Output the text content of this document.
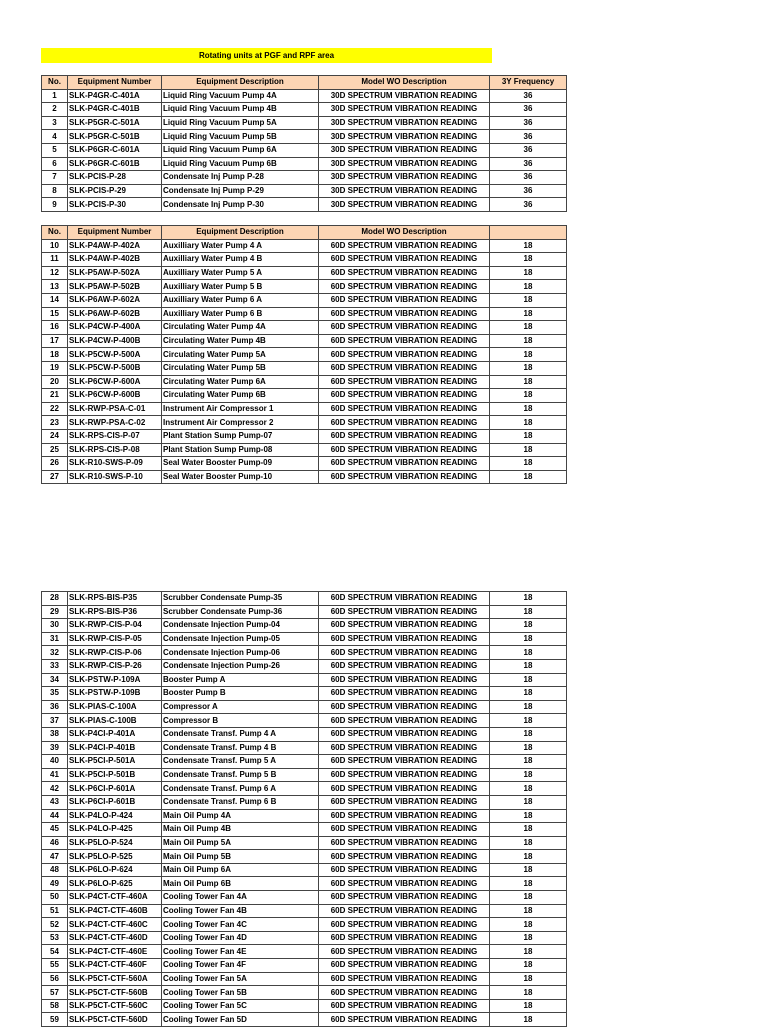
Rotating units at PGF and RPF area
No.	Equipment Number	Equipment Description	Model WO Description	3Y Frequency
1	SLK-P4GR-C-401A	Liquid Ring Vacuum Pump 4A	30D SPECTRUM VIBRATION READING	36
2	SLK-P4GR-C-401B	Liquid Ring Vacuum Pump 4B	30D SPECTRUM VIBRATION READING	36
3	SLK-P5GR-C-501A	Liquid Ring Vacuum Pump 5A	30D SPECTRUM VIBRATION READING	36
4	SLK-P5GR-C-501B	Liquid Ring Vacuum Pump 5B	30D SPECTRUM VIBRATION READING	36
5	SLK-P6GR-C-601A	Liquid Ring Vacuum Pump 6A	30D SPECTRUM VIBRATION READING	36
6	SLK-P6GR-C-601B	Liquid Ring Vacuum Pump 6B	30D SPECTRUM VIBRATION READING	36
7	SLK-PCIS-P-28	Condensate Inj Pump P-28	30D SPECTRUM VIBRATION READING	36
8	SLK-PCIS-P-29	Condensate Inj Pump P-29	30D SPECTRUM VIBRATION READING	36
9	SLK-PCIS-P-30	Condensate Inj Pump P-30	30D SPECTRUM VIBRATION READING	36
No.	Equipment Number	Equipment Description	Model WO Description	
10	SLK-P4AW-P-402A	Auxilliary Water Pump 4 A	60D SPECTRUM VIBRATION READING	18
11	SLK-P4AW-P-402B	Auxilliary Water Pump 4 B	60D SPECTRUM VIBRATION READING	18
12	SLK-P5AW-P-502A	Auxilliary Water Pump 5 A	60D SPECTRUM VIBRATION READING	18
13	SLK-P5AW-P-502B	Auxilliary Water Pump 5 B	60D SPECTRUM VIBRATION READING	18
14	SLK-P6AW-P-602A	Auxilliary Water Pump 6 A	60D SPECTRUM VIBRATION READING	18
15	SLK-P6AW-P-602B	Auxilliary Water Pump 6 B	60D SPECTRUM VIBRATION READING	18
16	SLK-P4CW-P-400A	Circulating Water Pump 4A	60D SPECTRUM VIBRATION READING	18
17	SLK-P4CW-P-400B	Circulating Water Pump 4B	60D SPECTRUM VIBRATION READING	18
18	SLK-P5CW-P-500A	Circulating Water Pump 5A	60D SPECTRUM VIBRATION READING	18
19	SLK-P5CW-P-500B	Circulating Water Pump 5B	60D SPECTRUM VIBRATION READING	18
20	SLK-P6CW-P-600A	Circulating Water Pump 6A	60D SPECTRUM VIBRATION READING	18
21	SLK-P6CW-P-600B	Circulating Water Pump 6B	60D SPECTRUM VIBRATION READING	18
22	SLK-RWP-PSA-C-01	Instrument Air Compressor 1	60D SPECTRUM VIBRATION READING	18
23	SLK-RWP-PSA-C-02	Instrument Air Compressor 2	60D SPECTRUM VIBRATION READING	18
24	SLK-RPS-CIS-P-07	Plant Station Sump Pump-07	60D SPECTRUM VIBRATION READING	18
25	SLK-RPS-CIS-P-08	Plant Station Sump Pump-08	60D SPECTRUM VIBRATION READING	18
26	SLK-R10-SWS-P-09	Seal Water Booster Pump-09	60D SPECTRUM VIBRATION READING	18
27	SLK-R10-SWS-P-10	Seal Water Booster Pump-10	60D SPECTRUM VIBRATION READING	18
28	SLK-RPS-BIS-P35	Scrubber Condensate Pump-35	60D SPECTRUM VIBRATION READING	18
29	SLK-RPS-BIS-P36	Scrubber Condensate Pump-36	60D SPECTRUM VIBRATION READING	18
30	SLK-RWP-CIS-P-04	Condensate Injection Pump-04	60D SPECTRUM VIBRATION READING	18
31	SLK-RWP-CIS-P-05	Condensate Injection Pump-05	60D SPECTRUM VIBRATION READING	18
32	SLK-RWP-CIS-P-06	Condensate Injection Pump-06	60D SPECTRUM VIBRATION READING	18
33	SLK-RWP-CIS-P-26	Condensate Injection Pump-26	60D SPECTRUM VIBRATION READING	18
34	SLK-PSTW-P-109A	Booster Pump A	60D SPECTRUM VIBRATION READING	18
35	SLK-PSTW-P-109B	Booster Pump B	60D SPECTRUM VIBRATION READING	18
36	SLK-PIAS-C-100A	Compressor A	60D SPECTRUM VIBRATION READING	18
37	SLK-PIAS-C-100B	Compressor B	60D SPECTRUM VIBRATION READING	18
38	SLK-P4CI-P-401A	Condensate Transf. Pump 4 A	60D SPECTRUM VIBRATION READING	18
39	SLK-P4CI-P-401B	Condensate Transf. Pump 4 B	60D SPECTRUM VIBRATION READING	18
40	SLK-P5CI-P-501A	Condensate Transf. Pump 5 A	60D SPECTRUM VIBRATION READING	18
41	SLK-P5CI-P-501B	Condensate Transf. Pump 5 B	60D SPECTRUM VIBRATION READING	18
42	SLK-P6CI-P-601A	Condensate Transf. Pump 6 A	60D SPECTRUM VIBRATION READING	18
43	SLK-P6CI-P-601B	Condensate Transf. Pump 6 B	60D SPECTRUM VIBRATION READING	18
44	SLK-P4LO-P-424	Main Oil Pump 4A	60D SPECTRUM VIBRATION READING	18
45	SLK-P4LO-P-425	Main Oil Pump 4B	60D SPECTRUM VIBRATION READING	18
46	SLK-P5LO-P-524	Main Oil Pump 5A	60D SPECTRUM VIBRATION READING	18
47	SLK-P5LO-P-525	Main Oil Pump 5B	60D SPECTRUM VIBRATION READING	18
48	SLK-P6LO-P-624	Main Oil Pump 6A	60D SPECTRUM VIBRATION READING	18
49	SLK-P6LO-P-625	Main Oil Pump 6B	60D SPECTRUM VIBRATION READING	18
50	SLK-P4CT-CTF-460A	Cooling Tower Fan 4A	60D SPECTRUM VIBRATION READING	18
51	SLK-P4CT-CTF-460B	Cooling Tower Fan 4B	60D SPECTRUM VIBRATION READING	18
52	SLK-P4CT-CTF-460C	Cooling Tower Fan 4C	60D SPECTRUM VIBRATION READING	18
53	SLK-P4CT-CTF-460D	Cooling Tower Fan 4D	60D SPECTRUM VIBRATION READING	18
54	SLK-P4CT-CTF-460E	Cooling Tower Fan 4E	60D SPECTRUM VIBRATION READING	18
55	SLK-P4CT-CTF-460F	Cooling Tower Fan 4F	60D SPECTRUM VIBRATION READING	18
56	SLK-P5CT-CTF-560A	Cooling Tower Fan 5A	60D SPECTRUM VIBRATION READING	18
57	SLK-P5CT-CTF-560B	Cooling Tower Fan 5B	60D SPECTRUM VIBRATION READING	18
58	SLK-P5CT-CTF-560C	Cooling Tower Fan 5C	60D SPECTRUM VIBRATION READING	18
59	SLK-P5CT-CTF-560D	Cooling Tower Fan 5D	60D SPECTRUM VIBRATION READING	18
